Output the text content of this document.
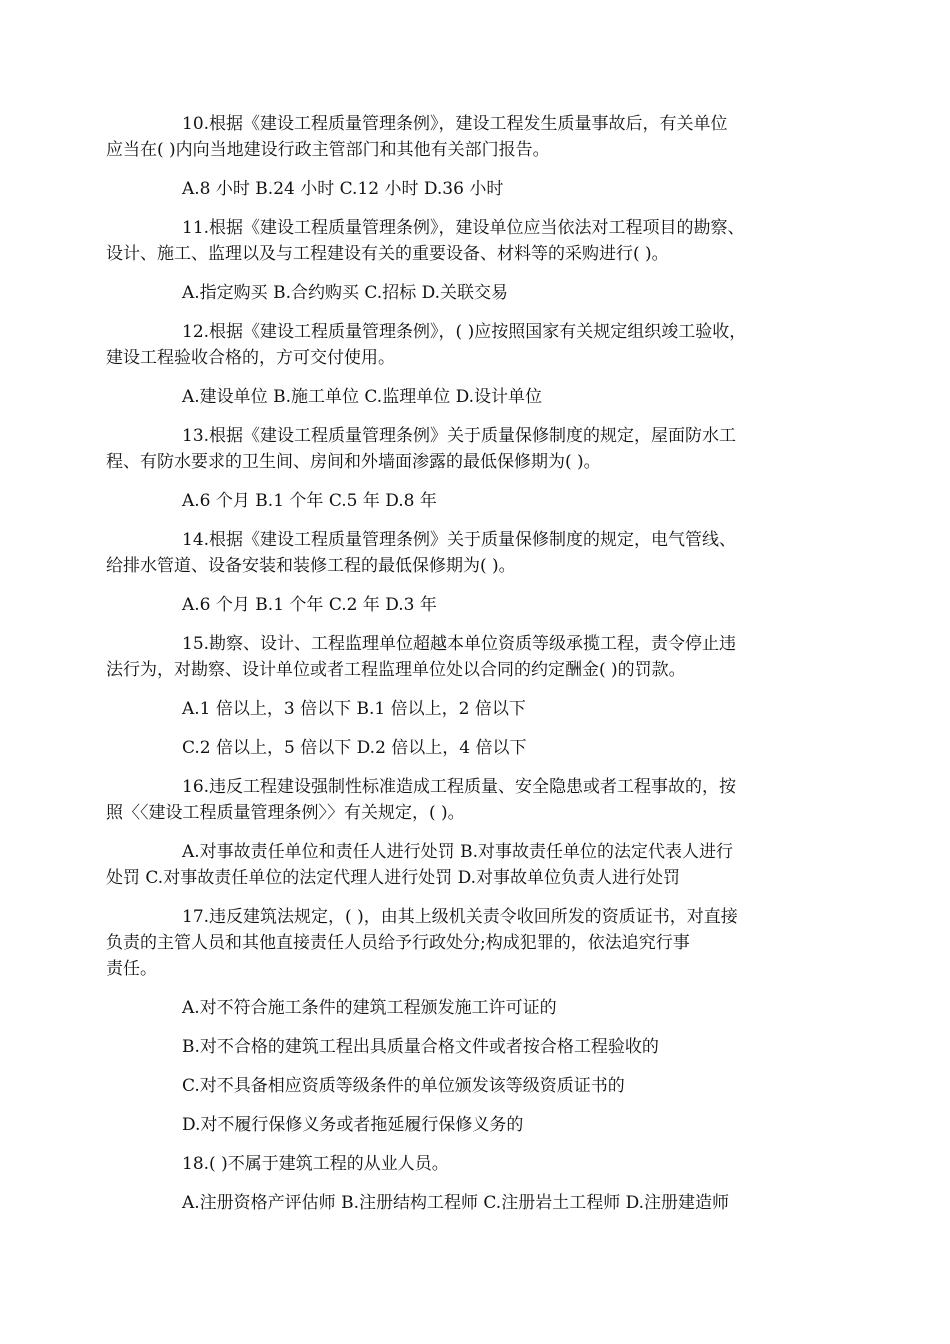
10.根据《建设工程质量管理条例》，建设工程发生质量事故后，有关单位
应当在( )内向当地建设行政主管部门和其他有关部门报告。

A.8 小时 B.24 小时 C.12 小时 D.36 小时

11.根据《建设工程质量管理条例》，建设单位应当依法对工程项目的勘察、
设计、施工、监理以及与工程建设有关的重要设备、材料等的采购进行( )。

A.指定购买 B.合约购买 C.招标 D.关联交易

12.根据《建设工程质量管理条例》，( )应按照国家有关规定组织竣工验收，
建设工程验收合格的，方可交付使用。

A.建设单位 B.施工单位 C.监理单位 D.设计单位

13.根据《建设工程质量管理条例》关于质量保修制度的规定，屋面防水工
程、有防水要求的卫生间、房间和外墙面渗露的最低保修期为( )。

A.6 个月 B.1 个年 C.5 年 D.8 年

14.根据《建设工程质量管理条例》关于质量保修制度的规定，电气管线、
给排水管道、设备安装和装修工程的最低保修期为( )。

A.6 个月 B.1 个年 C.2 年 D.3 年

15.勘察、设计、工程监理单位超越本单位资质等级承揽工程，责令停止违
法行为，对勘察、设计单位或者工程监理单位处以合同的约定酬金( )的罚款。

A.1 倍以上，3 倍以下 B.1 倍以上，2 倍以下

C.2 倍以上，5 倍以下 D.2 倍以上，4 倍以下

16.违反工程建设强制性标准造成工程质量、安全隐患或者工程事故的，按
照〈〈建设工程质量管理条例〉〉有关规定，( )。

A.对事故责任单位和责任人进行处罚 B.对事故责任单位的法定代表人进行
处罚 C.对事故责任单位的法定代理人进行处罚 D.对事故单位负责人进行处罚

17.违反建筑法规定，( )，由其上级机关责令收回所发的资质证书，对直接
负责的主管人员和其他直接责任人员给予行政处分;构成犯罪的，依法追究行事
责任。

A.对不符合施工条件的建筑工程颁发施工许可证的

B.对不合格的建筑工程出具质量合格文件或者按合格工程验收的

C.对不具备相应资质等级条件的单位颁发该等级资质证书的

D.对不履行保修义务或者拖延履行保修义务的

18.( )不属于建筑工程的从业人员。

A.注册资格产评估师 B.注册结构工程师 C.注册岩土工程师 D.注册建造师
